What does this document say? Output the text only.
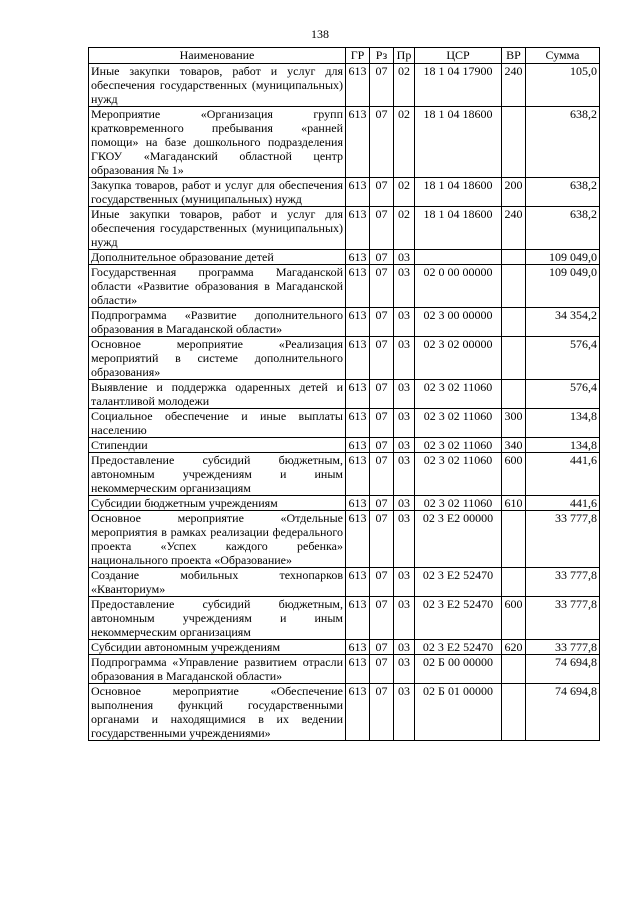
138
Наименование	ГР	Рз	Пр	ЦСР	ВР	Сумма
Иные закупки товаров, работ и услуг для обеспечения государственных (муниципальных) нужд	613	07	02	18 1 04 17900	240	105,0
Мероприятие «Организация групп кратковременного пребывания «ранней помощи» на базе дошкольного подразделения ГКОУ «Магаданский областной центр образования № 1»	613	07	02	18 1 04 18600		638,2
Закупка товаров, работ и услуг для обеспечения государственных (муниципальных) нужд	613	07	02	18 1 04 18600	200	638,2
Иные закупки товаров, работ и услуг для обеспечения государственных (муниципальных) нужд	613	07	02	18 1 04 18600	240	638,2
Дополнительное образование детей	613	07	03			109 049,0
Государственная программа Магаданской области «Развитие образования в Магаданской области»	613	07	03	02 0 00 00000		109 049,0
Подпрограмма «Развитие дополнительного образования в Магаданской области»	613	07	03	02 3 00 00000		34 354,2
Основное мероприятие «Реализация мероприятий в системе дополнительного образования»	613	07	03	02 3 02 00000		576,4
Выявление и поддержка одаренных детей и талантливой молодежи	613	07	03	02 3 02 11060		576,4
Социальное обеспечение и иные выплаты населению	613	07	03	02 3 02 11060	300	134,8
Стипендии	613	07	03	02 3 02 11060	340	134,8
Предоставление субсидий бюджетным, автономным учреждениям и иным некоммерческим организациям	613	07	03	02 3 02 11060	600	441,6
Субсидии бюджетным учреждениям	613	07	03	02 3 02 11060	610	441,6
Основное мероприятие «Отдельные мероприятия в рамках реализации федерального проекта «Успех каждого ребенка» национального проекта «Образование»	613	07	03	02 3 E2 00000		33 777,8
Создание мобильных технопарков «Кванториум»	613	07	03	02 3 E2 52470		33 777,8
Предоставление субсидий бюджетным, автономным учреждениям и иным некоммерческим организациям	613	07	03	02 3 E2 52470	600	33 777,8
Субсидии автономным учреждениям	613	07	03	02 3 E2 52470	620	33 777,8
Подпрограмма «Управление развитием отрасли образования в Магаданской области»	613	07	03	02 Б 00 00000		74 694,8
Основное мероприятие «Обеспечение выполнения функций государственными органами и находящимися в их ведении государственными учреждениями»	613	07	03	02 Б 01 00000		74 694,8
